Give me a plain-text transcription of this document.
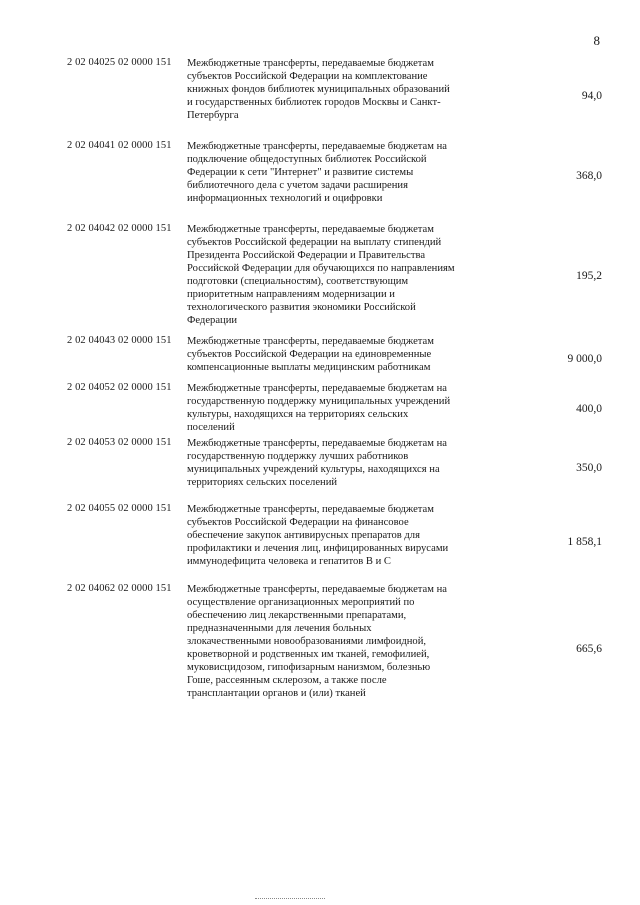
8
2 02 04025 02 0000 151 Межбюджетные трансферты, передаваемые бюджетам
субъектов Российской Федерации на комплектование
книжных фондов библиотек муниципальных образований
и государственных библиотек городов Москвы и Санкт-
Петербурга
94,0
2 02 04041 02 0000 151 Межбюджетные трансферты, передаваемые бюджетам на
подключение общедоступных библиотек Российской
Федерации к сети "Интернет" и развитие системы
библиотечного дела с учетом задачи расширения
информационных технологий и оцифровки
368,0
2 02 04042 02 0000 151 Межбюджетные трансферты, передаваемые бюджетам
субъектов Российской федерации на выплату стипендий
Президента Российской Федерации и Правительства
Российской Федерации для обучающихся по направлениям
подготовки (специальностям), соответствующим
приоритетным направлениям модернизации и
технологического развития экономики Российской
Федерации
195,2
2 02 04043 02 0000 151 Межбюджетные трансферты, передаваемые бюджетам
субъектов Российской Федерации на единовременные
компенсационные выплаты медицинским работникам
9 000,0
2 02 04052 02 0000 151 Межбюджетные трансферты, передаваемые бюджетам на
государственную поддержку муниципальных учреждений
культуры, находящихся на территориях сельских
поселений
400,0
2 02 04053 02 0000 151 Межбюджетные трансферты, передаваемые бюджетам на
государственную поддержку лучших работников
муниципальных учреждений культуры, находящихся на
территориях сельских поселений
350,0
2 02 04055 02 0000 151 Межбюджетные трансферты, передаваемые бюджетам
субъектов Российской Федерации на финансовое
обеспечение закупок антивирусных препаратов для
профилактики и лечения лиц, инфицированных вирусами
иммунодефицита человека и гепатитов В и С
1 858,1
2 02 04062 02 0000 151 Межбюджетные трансферты, передаваемые бюджетам на
осуществление организационных мероприятий по
обеспечению лиц лекарственными препаратами,
предназначенными для лечения больных
злокачественными новообразованиями лимфоидной,
кроветворной и родственных им тканей, гемофилией,
муковисцидозом, гипофизарным нанизмом, болезнью
Гоше, рассеянным склерозом, а также после
трансплантации органов и (или) тканей
665,6
